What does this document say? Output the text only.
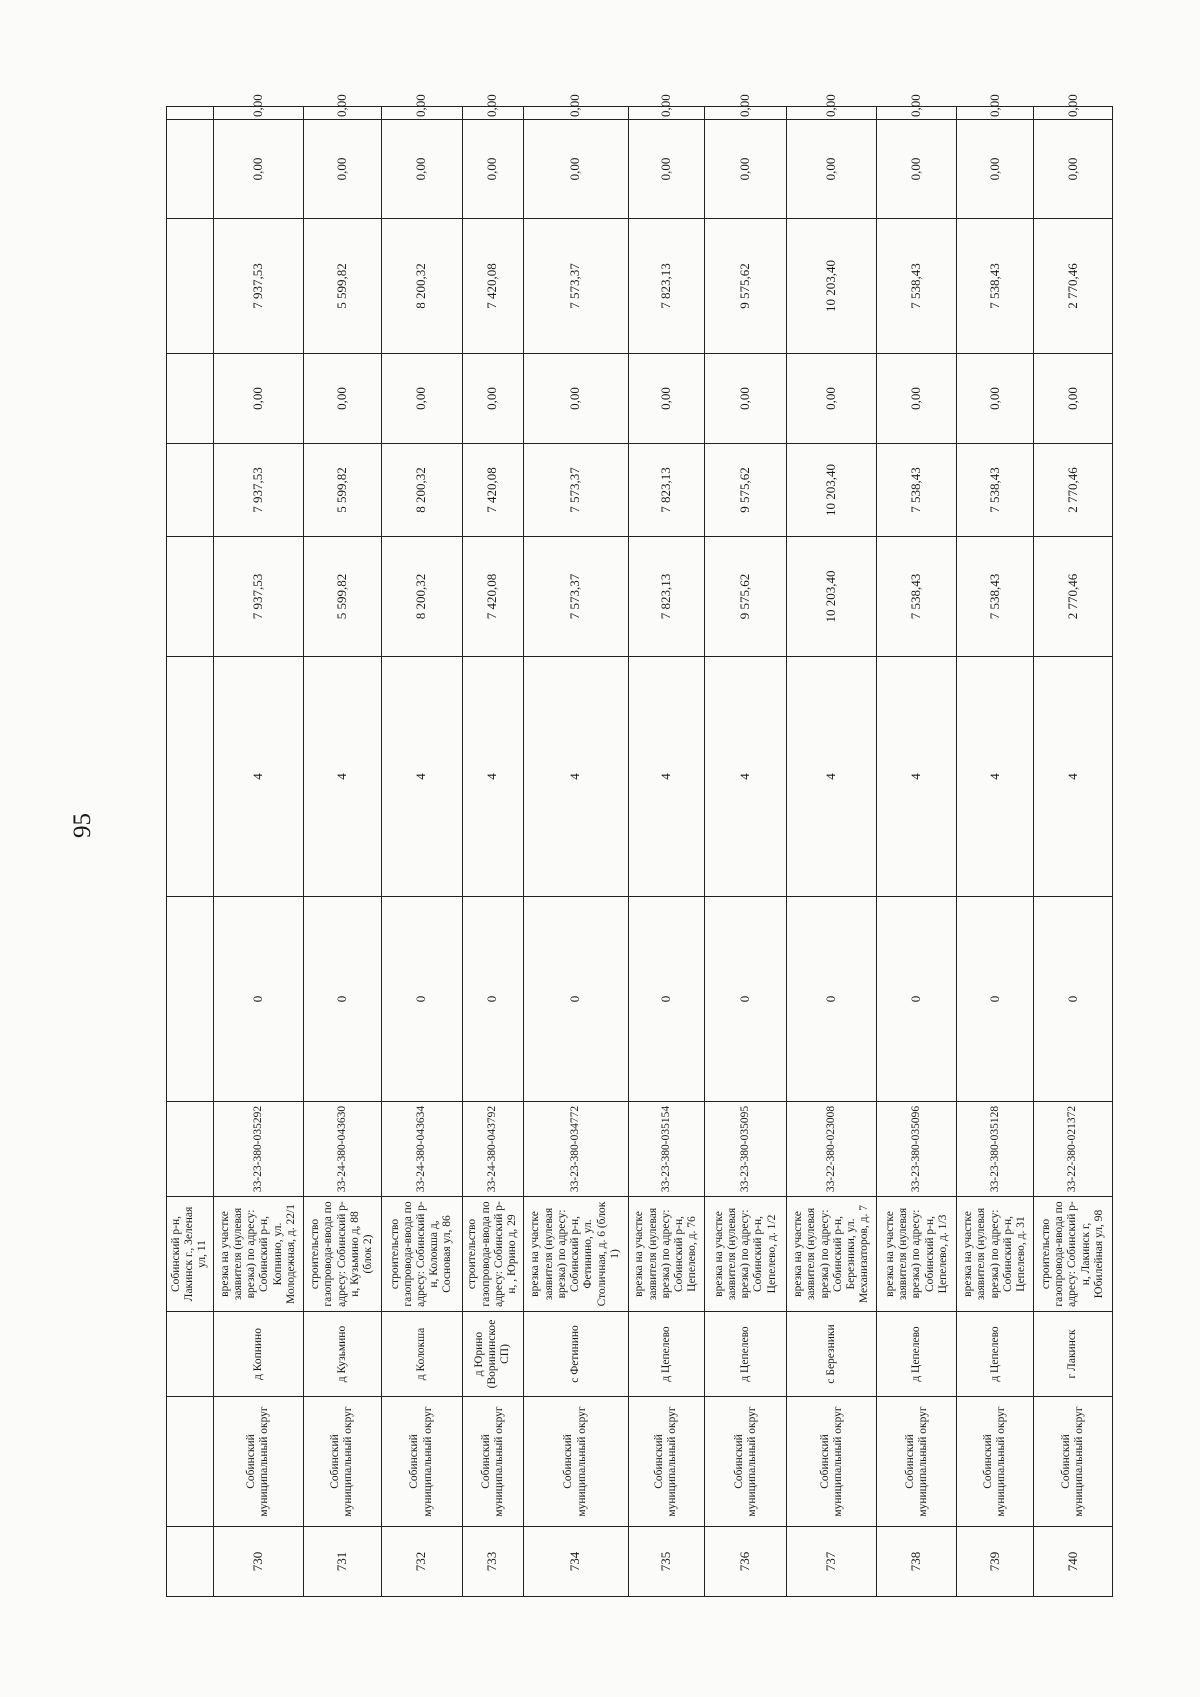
95
			Собинский р-н, Лакинск г., Зеленая ул, 11									
730	Собинский муниципальный округ	д Копнино	врезка на участке заявителя (нулевая врезка) по адресу: Собинский р-н, Копнино, ул. Молодежная, д. 22/1	33-23-380-035292	0	4	7 937,53	7 937,53	0,00	7 937,53	0,00	0,00
731	Собинский муниципальный округ	д Кузьмино	строительство газопровода-ввода по адресу: Собинский р-н, Кузьмино д, 88 (блок 2)	33-24-380-043630	0	4	5 599,82	5 599,82	0,00	5 599,82	0,00	0,00
732	Собинский муниципальный округ	д Колокша	строительство газопровода-ввода по адресу: Собинский р-н, Колокша д, Сосновая ул, 86	33-24-380-043634	0	4	8 200,32	8 200,32	0,00	8 200,32	0,00	0,00
733	Собинский муниципальный округ	д Юрино (Ворининское СП)	строительство газопровода-ввода по адресу: Собинский р-н, , Юрино д, 29	33-24-380-043792	0	4	7 420,08	7 420,08	0,00	7 420,08	0,00	0,00
734	Собинский муниципальный округ	с Фетинино	врезка на участке заявителя (нулевая врезка) по адресу: Собинский р-н, Фетинино, ул. Столичная, д. 6 (блок 1)	33-23-380-034772	0	4	7 573,37	7 573,37	0,00	7 573,37	0,00	0,00
735	Собинский муниципальный округ	д Цепелево	врезка на участке заявителя (нулевая врезка) по адресу: Собинский р-н, Цепелево, д. 76	33-23-380-035154	0	4	7 823,13	7 823,13	0,00	7 823,13	0,00	0,00
736	Собинский муниципальный округ	д Цепелево	врезка на участке заявителя (нулевая врезка) по адресу: Собинский р-н, Цепелево, д. 1/2	33-23-380-035095	0	4	9 575,62	9 575,62	0,00	9 575,62	0,00	0,00
737	Собинский муниципальный округ	с Березники	врезка на участке заявителя (нулевая врезка) по адресу: Собинский р-н, Березники, ул. Механизаторов, д. 7	33-22-380-023008	0	4	10 203,40	10 203,40	0,00	10 203,40	0,00	0,00
738	Собинский муниципальный округ	д Цепелево	врезка на участке заявителя (нулевая врезка) по адресу: Собинский р-н, Цепелево, д. 1/3	33-23-380-035096	0	4	7 538,43	7 538,43	0,00	7 538,43	0,00	0,00
739	Собинский муниципальный округ	д Цепелево	врезка на участке заявителя (нулевая врезка) по адресу: Собинский р-н, Цепелево, д. 31	33-23-380-035128	0	4	7 538,43	7 538,43	0,00	7 538,43	0,00	0,00
740	Собинский муниципальный округ	г Лакинск	строительство газопровода-ввода по адресу: Собинский р-н, Лакинск г, Юбилейная ул, 98	33-22-380-021372	0	4	2 770,46	2 770,46	0,00	2 770,46	0,00	0,00
